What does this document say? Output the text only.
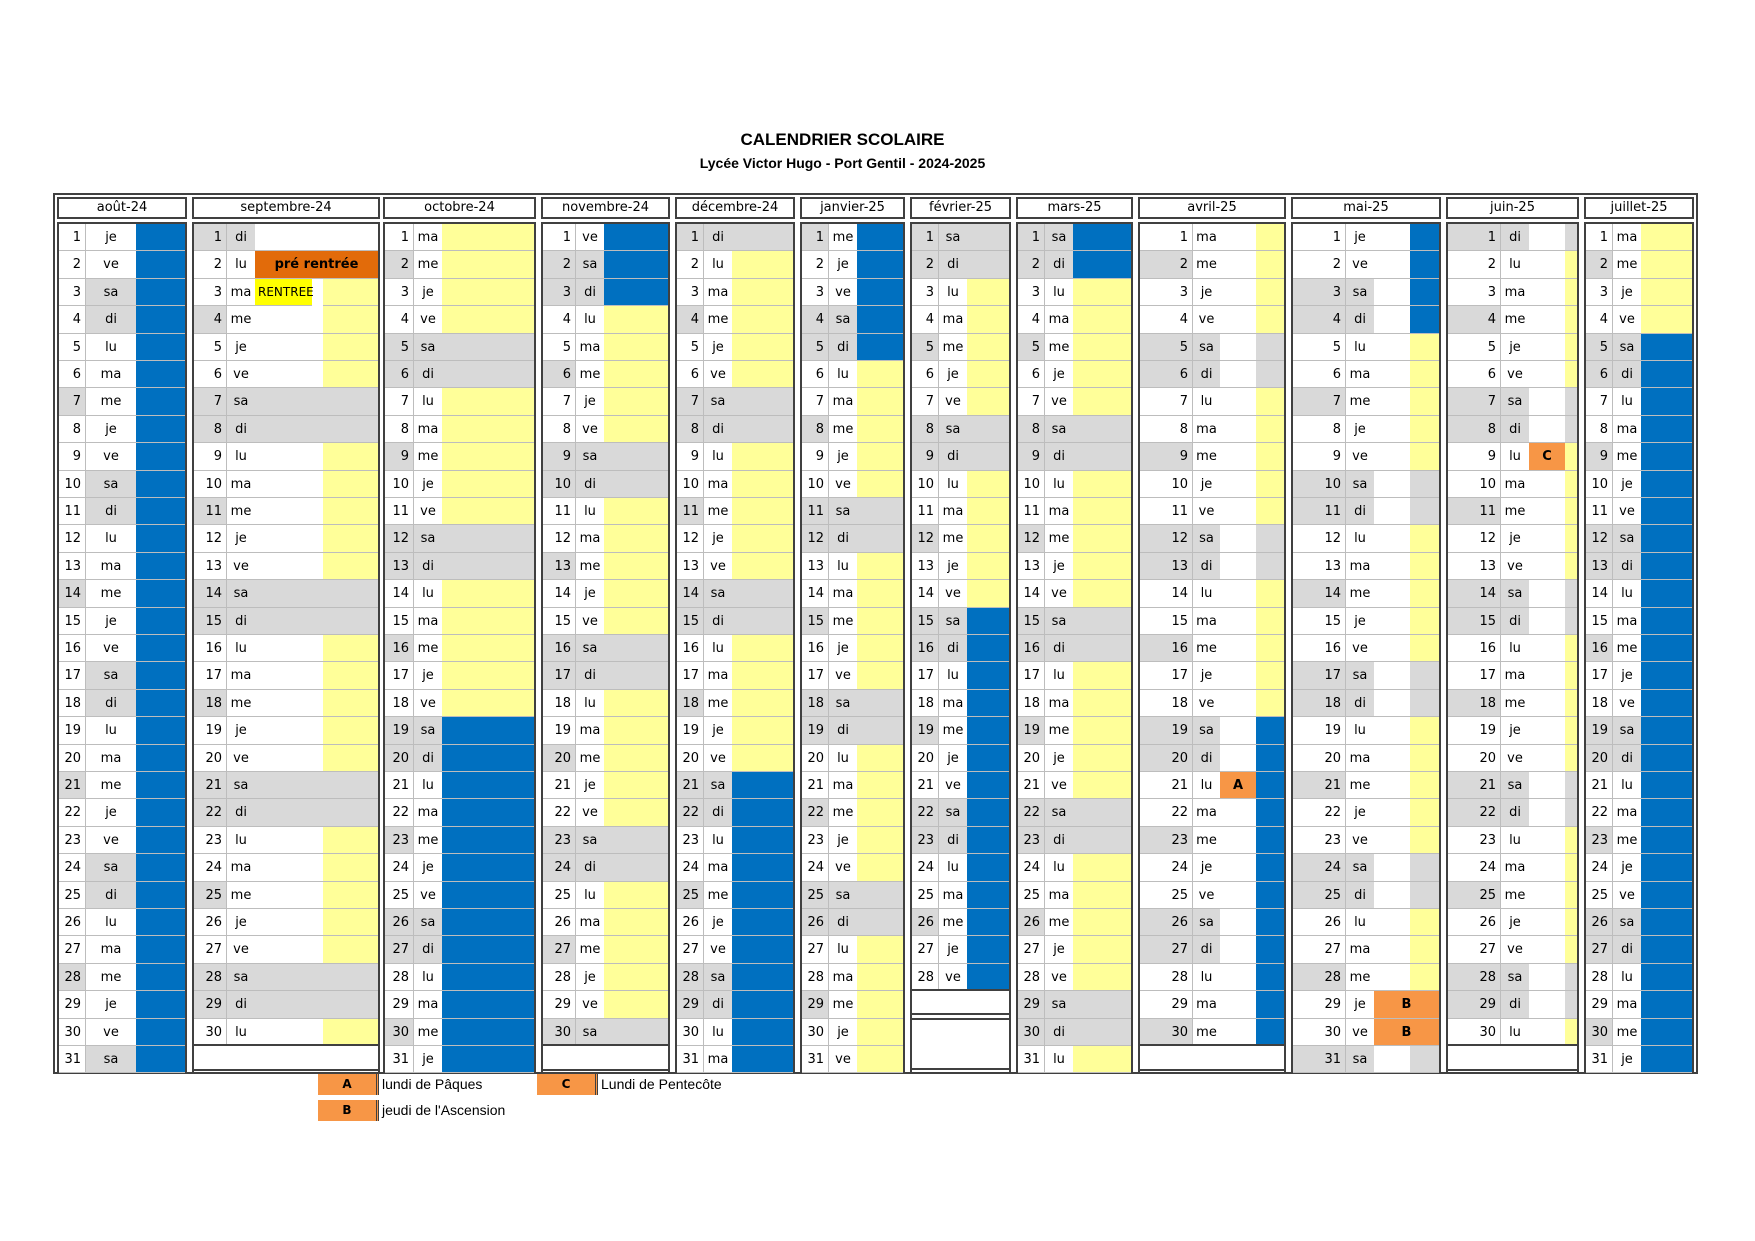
CALENDRIER SCOLAIRE
Lycée Victor Hugo - Port Gentil - 2024-2025
août-24
1	je
2	ve
3	sa
4	di
5	lu
6	ma
7	me
8	je
9	ve
10	sa
11	di
12	lu
13	ma
14	me
15	je
16	ve
17	sa
18	di
19	lu
20	ma
21	me
22	je
23	ve
24	sa
25	di
26	lu
27	ma
28	me
29	je
30	ve
31	sa
septembre-24
1	di
2	lu	pré rentrée
3 ma RENTREE
4 me
5	je
6 ve
7 sa
8	di
9	lu
10 ma
11 me
12	je
13 ve
14 sa
15	di
16	lu
17 ma
18 me
19	je
20 ve
21 sa
22	di
23	lu
24 ma
25 me
26	je
27 ve
28 sa
29	di
30	lu
octobre-24
1 ma
2 me
3	je
4 ve
5 sa
6	di
7	lu
8 ma
9 me
10	je
11 ve
12 sa
13	di
14	lu
15 ma
16 me
17	je
18 ve
19 sa
20	di
21	lu
22 ma
23 me
24	je
25 ve
26 sa
27	di
28	lu
29 ma
30 me
31	je
novembre-24
1 ve
2 sa
3	di
4	lu
5 ma
6 me
7	je
8 ve
9 sa
10	di
11	lu
12 ma
13 me
14	je
15 ve
16 sa
17	di
18	lu
19 ma
20 me
21	je
22 ve
23 sa
24	di
25	lu
26 ma
27 me
28	je
29 ve
30 sa
décembre-24
1	di
2	lu
3 ma
4 me
5	je
6 ve
7 sa
8	di
9	lu
10 ma
11 me
12	je
13 ve
14 sa
15	di
16	lu
17 ma
18 me
19	je
20 ve
21 sa
22	di
23	lu
24 ma
25 me
26	je
27 ve
28 sa
29	di
30	lu
31 ma
janvier-25
1 me
2	je
3 ve
4 sa
5	di
6	lu
7 ma
8 me
9	je
10 ve
11 sa
12	di
13	lu
14 ma
15 me
16	je
17 ve
18 sa
19	di
20	lu
21 ma
22 me
23	je
24 ve
25 sa
26	di
27	lu
28 ma
29 me
30	je
31 ve
février-25
1 sa
2	di
3	lu
4 ma
5 me
6	je
7 ve
8 sa
9	di
10	lu
11 ma
12 me
13	je
14 ve
15 sa
16	di
17	lu
18 ma
19 me
20	je
21 ve
22 sa
23	di
24	lu
25 ma
26 me
27	je
28 ve
mars-25
1 sa
2	di
3	lu
4 ma
5 me
6	je
7 ve
8 sa
9	di
10	lu
11 ma
12 me
13	je
14 ve
15 sa
16	di
17	lu
18 ma
19 me
20	je
21 ve
22 sa
23	di
24	lu
25 ma
26 me
27	je
28 ve
29 sa
30	di
31	lu
avril-25
1 ma
2 me
3 je
4 ve
5 sa
6 di
7 lu
8 ma
9 me
10 je
11 ve
12 sa
13 di
14 lu
15 ma
16 me
17 je
18 ve
19 sa
20 di
21 lu	A
22 ma
23 me
24 je
25 ve
26 sa
27 di
28 lu
29 ma
30 me
mai-25
1	je
2 ve
3 sa
4	di
5	lu
6 ma
7 me
8	je
9 ve
10 sa
11	di
12	lu
13 ma
14 me
15	je
16 ve
17 sa
18	di
19	lu
20 ma
21 me
22	je
23 ve
24 sa
25	di
26	lu
27 ma
28 me
29	je	B
30 ve	B
31 sa
juin-25
1	di
2	lu
3 ma
4 me
5	je
6 ve
7 sa
8	di
9	lu	C
10 ma
11 me
12	je
13 ve
14 sa
15	di
16	lu
17 ma
18 me
19	je
20 ve
21 sa
22	di
23	lu
24 ma
25 me
26	je
27 ve
28 sa
29	di
30	lu
juillet-25
1 ma
2 me
3	je
4 ve
5 sa
6	di
7	lu
8 ma
9 me
10	je
11 ve
12 sa
13	di
14	lu
15 ma
16 me
17	je
18 ve
19 sa
20	di
21	lu
22 ma
23 me
24	je
25 ve
26 sa
27	di
28	lu
29 ma
30 me
31	je
A	lundi de Pâques
B	jeudi de l'Ascension
C	Lundi de Pentecôte
